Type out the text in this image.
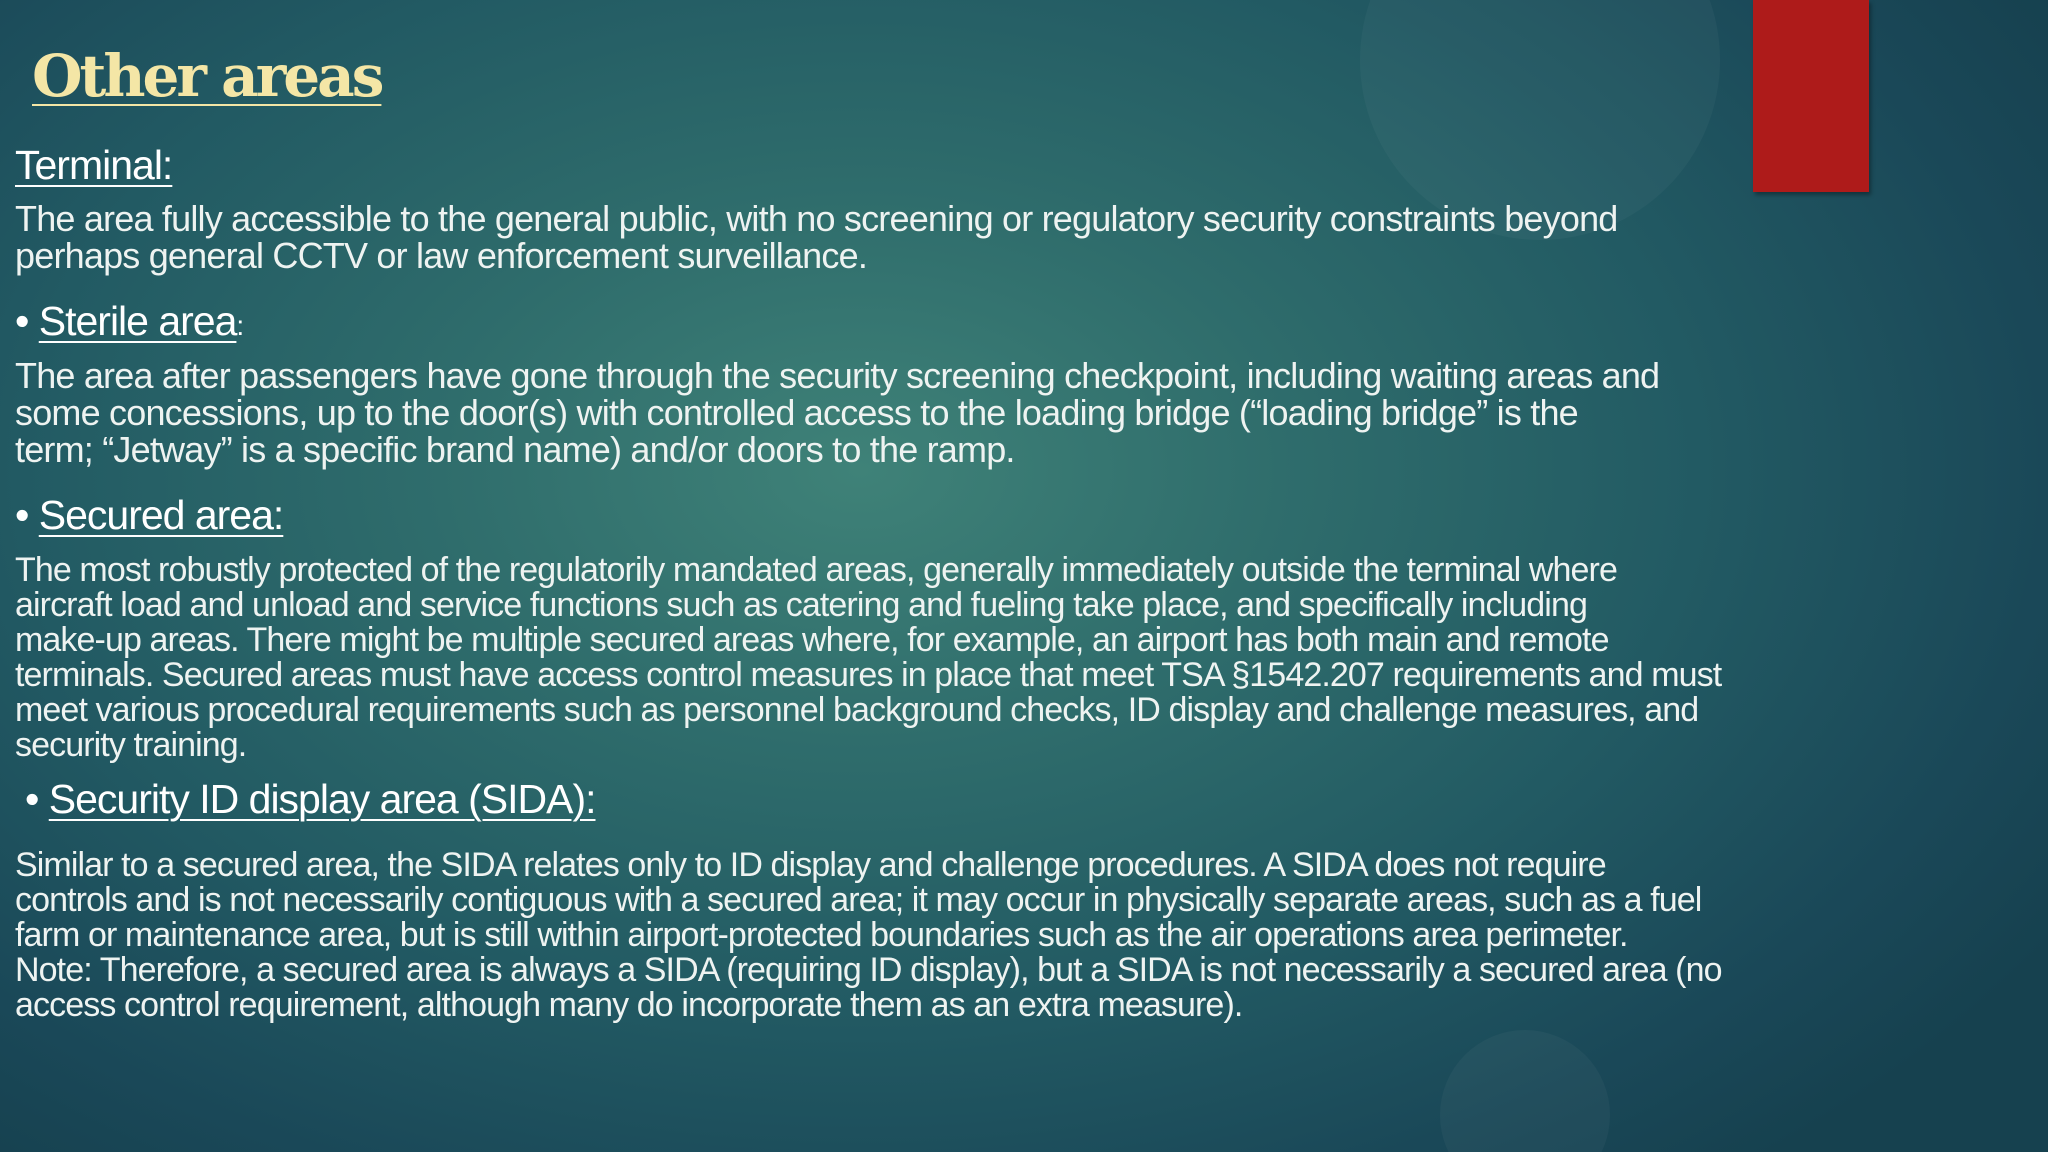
Other areas
Terminal:

The area fully accessible to the general public, with no screening or regulatory security constraints beyond
perhaps general CCTV or law enforcement surveillance.

• Sterile area:

The area after passengers have gone through the security screening checkpoint, including waiting areas and
some concessions, up to the door(s) with controlled access to the loading bridge (“loading bridge” is the
term; “Jetway” is a specific brand name) and/or doors to the ramp.

• Secured area:

The most robustly protected of the regulatorily mandated areas, generally immediately outside the terminal where
aircraft load and unload and service functions such as catering and fueling take place, and specifically including
make-up areas. There might be multiple secured areas where, for example, an airport has both main and remote
terminals. Secured areas must have access control measures in place that meet TSA §1542.207 requirements and must
meet various procedural requirements such as personnel background checks, ID display and challenge measures, and
security training.

• Security ID display area (SIDA):

Similar to a secured area, the SIDA relates only to ID display and challenge procedures. A SIDA does not require
controls and is not necessarily contiguous with a secured area; it may occur in physically separate areas, such as a fuel
farm or maintenance area, but is still within airport-protected boundaries such as the air operations area perimeter.
Note: Therefore, a secured area is always a SIDA (requiring ID display), but a SIDA is not necessarily a secured area (no
access control requirement, although many do incorporate them as an extra measure).
